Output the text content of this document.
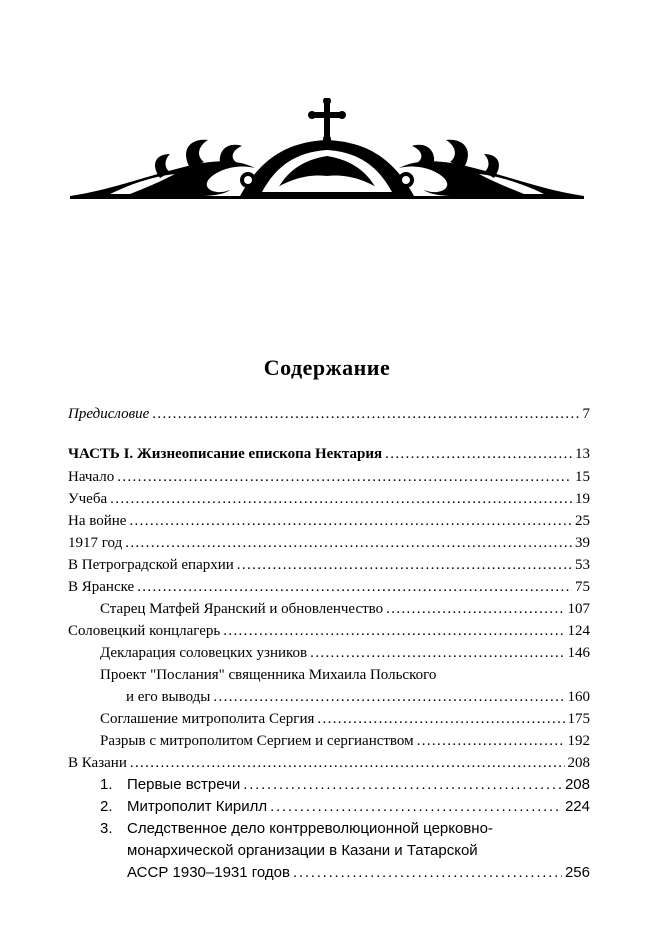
Содержание
Предисловие . . .	7
ЧАСТЬ I. Жизнеописание епископа Нектария . . .	13
Начало . . .	15
Учеба . . .	19
На войне . . .	25
1917 год . . .	39
В Петроградской епархии . . .	53
В Яранске . . .	75
Старец Матфей Яранский и обновленчество . . .	107
Соловецкий концлагерь . . .	124
Декларация соловецких узников . . .	146
Проект "Послания" священника Михаила Польского
и его выводы . . .	160
Соглашение митрополита Сергия . . .	175
Разрыв с митрополитом Сергием и сергианством . . .	192
В Казани . . .	208
1. Первые встречи . . .	208
2. Митрополит Кирилл . . .	224
3. Следственное дело контрреволюционной церковно-
монархической организации в Казани и Татарской
АССР 1930–1931 годов . . .	256
